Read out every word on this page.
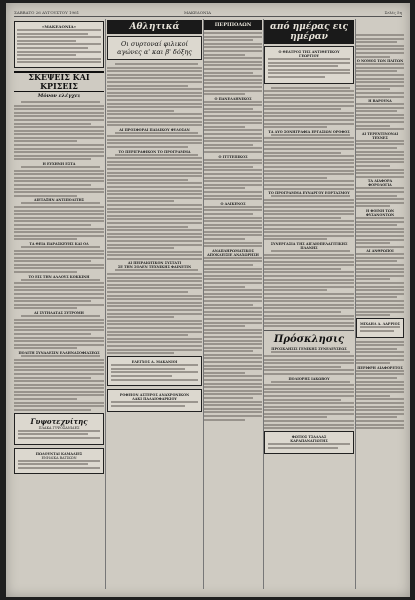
ΣΑΒΒΑΤΟ 26 ΑΥΓΟΥΣΤΟΥ 1961	ΜΑΚΕΔΟΝΙΑ	Σελίς 5η
«ΜΑΚΕΔΟΝΙΑ»
ΣΚΕΨΕΙΣ ΚΑΙ ΚΡΙΣΕΙΣ
Μόνον ελέγχει
Η ΕΥΧΗΝΗ ΕΣΤΑ
ΔΙΕΤΑΞΗΝ ΑΝΤΙΠΟΛΙΤΗΣ
ΤΑ ΘΕΙΑ ΠΑΡΑΣΚΕΥΗΣ ΚΑΙ ΟΛ
ΤΟ ΕΙΣ ΤΗΝ ΑΛΛΟΥΣ ΚΟΚΚΙΝΗ
ΑΙ ΣΥΤΗΛΑΤΑΣ ΣΥΤΡΟΜΗ
ΠΟΛΙΤΗ ΣΥΝΑΔΕΣΙΝ ΕΛΛΗΝΑΣΟΦΙΑΣΕΩΣ
Γυψοτεχνίτης
ΠΛΑΚΑ ΓΥΨΟΣΑΝΙΔΕΣ
ΠΩΛΟΥΝΤΑΙ ΚΑΜΑΛΙΕΣ
ΕΝΗΛΙΚΑ ΒΑΤΙΚΩΝ
Αθλητικά
Οι συρτοναί φιλικοί αγώνες α' και β' δόξης
ΑΙ ΠΡΟΣΦΟΡΑΙ ΠΑΙΔΙΚΟΥ ΦΥΛΟΣΑΝ
ΤΟ ΠΕΡΙΓΡΑΦΙΚΟΝ ΤΟ ΠΡΟΓΡΑΜΜΑ
ΑΙ ΠΕΙΡΑΙΩΤΙΚΟΝ ΣΥΣΤΑΤΙ
ΣΕ ΤΗΝ ΣΟΛΕΝ ΤΕΧΝΙΚΗΣ ΦΑΙΝΕΤΙΝ
ΕΛΕΓΧΟΣ Α. ΜΑΚΑΝΙΟΙ
ΡΟΦΕΙΟΝ ΑΣΤΕΡΟΣ ΑΝΑΧΡΟΝΙΚΟΝ
ΛΑΚΙ ΠΑΛΑΙΟΦΑΡΚΙΟΥ
ΠΕΡΙΠΟΛΩΝ
Ο ΠΑΝΕΛΛΗΝΙΚΟΣ
Ο ΙΤΤΤΕΠΙΚΟΣ
Ο ΑΛΙΚΕΝΟΣ
ΑΝΑΠΛΗΡΩΜΑΤΙΚΟΣ ΑΠΟΚΛΕΙΣΙΕ ΑΝΑΧΩΡΗΣΗ
από ημέρας εις ημέραν
Ο ΘΕΑΤΡΟΣ ΤΗΣ ΑΝΤΙΘΕΤΙΚΟΥ ΓΕΩΡΓΙΟΥ
ΤΑ ΔΥΟ ΣΟΝΗΓΡΑΦΙΑ ΕΡΓΑΣΙΩΝ ΟΡΟΦΟΣ
ΤΟ ΠΡΟΓΡΑΜΜΑ ΕΥΝΑΡΓΟΥ ΕΟΡΤΑΣΜΟΥ
ΣΥΝΕΡΓΑΣΙΑ ΤΗΣ ΑΙΓΑΙΟΠΕΛΑΓΙΤΙΚΗΣ ΠΛΑΝΗΣ
Πρόσκλησις
ΠΡΟΣΚΛΗΣΙΣ ΓΕΝΙΚΗΣ ΣΥΝΕΛΕΥΣΕΩΣ
ΠΟΛΙΟΡΗΣ ΙΑΚΩΒΟΥ
ΦΩΤΙΟΣ ΤΣΑΛΛΑΣ
ΚΑΡΑΠΑΝΑΓΙΩΤΗΣ
Ο ΝΟΜΟΣ ΤΩΝ ΠΛΙΤΩΝ
Η ΒΑΡΟΥΝΑ
ΑΙ ΤΕΡΕΝΤΙΝΟΝΑΙ ΤΕΧΝΕΣ
ΤΑ ΔΙΑΦΟΡΑ ΦΟΡΟΛΟΓΙΑ
Η ΦΟΙΝΗ ΤΩΝ ΦΥΣΑΝΟΝΤΩΝ
ΔΙ ΑΝΘΡΩΠΟΙ
ΜΙΧΑΗΛ Δ. ΛΑΡΡΙΟΣ
ΠΕΡΙΦΡΗ ΔΙΑΦΟΡΕΤΟΣ
